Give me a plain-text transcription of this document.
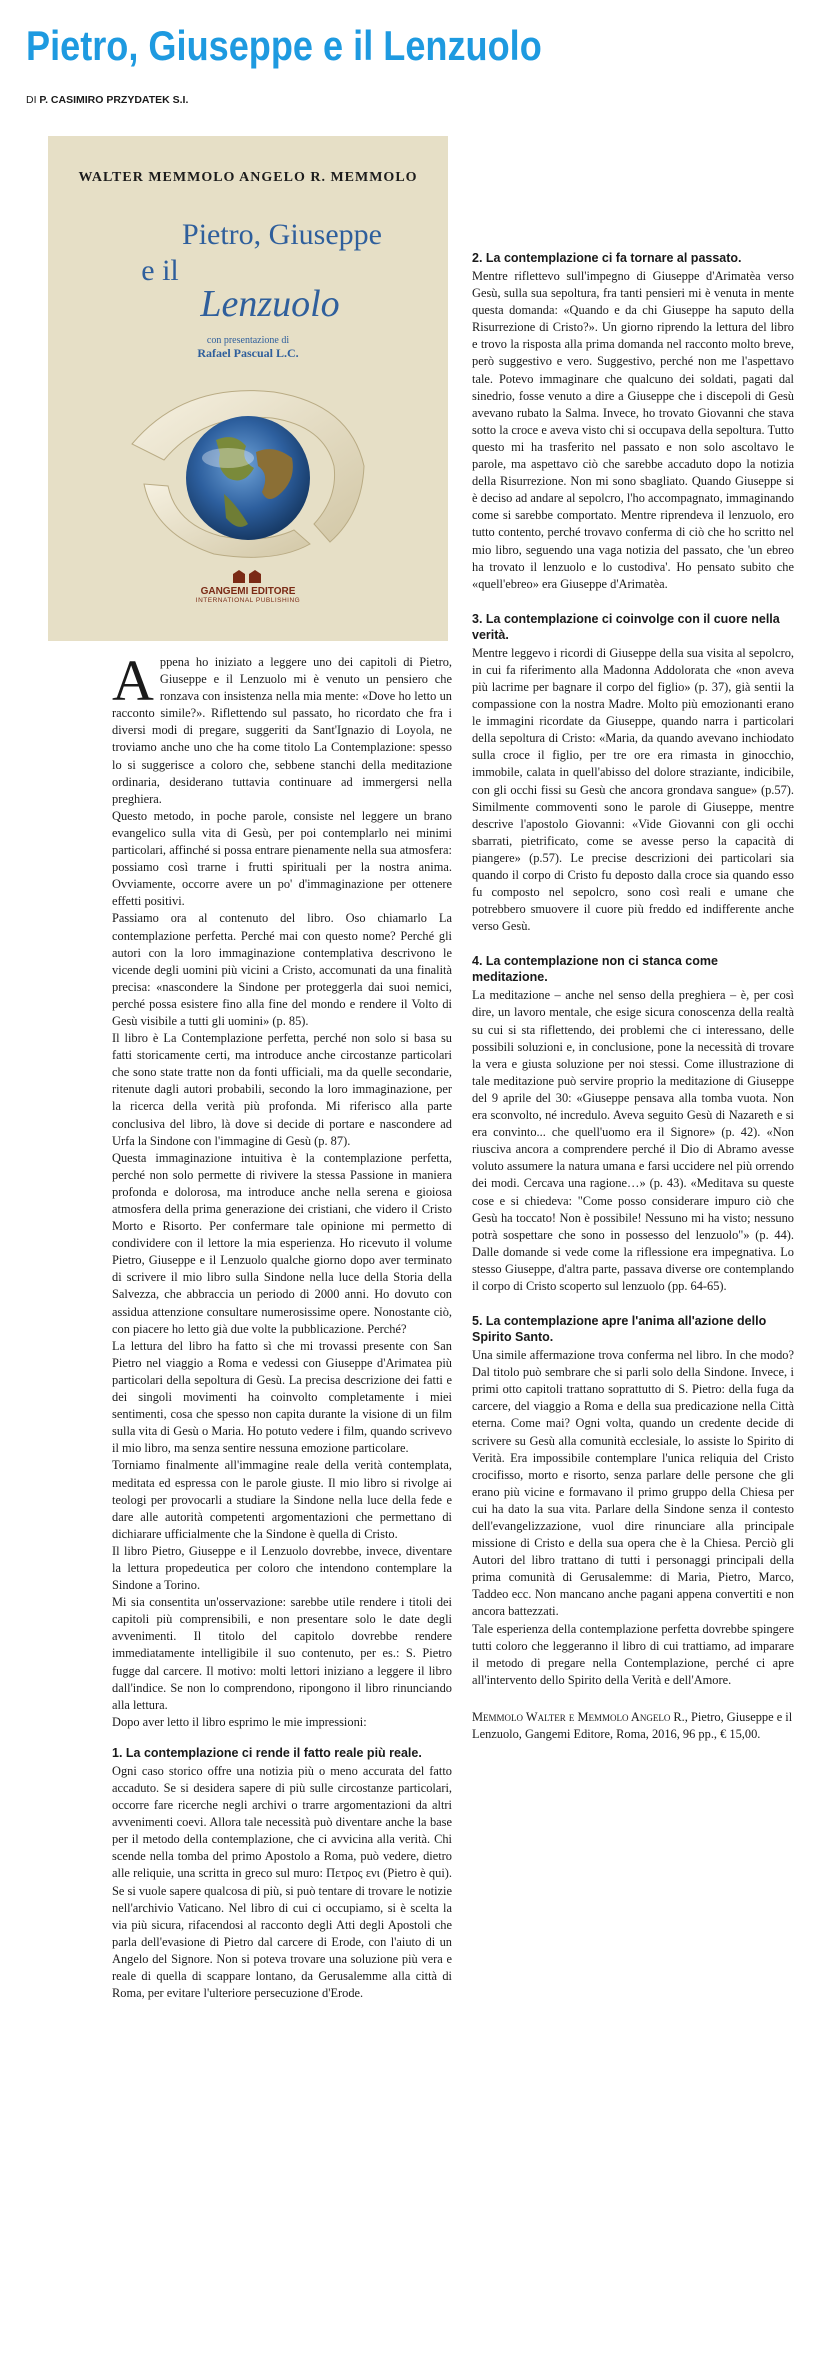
Pietro, Giuseppe e il Lenzuolo
DI P. CASIMIRO PRZYDATEK S.I.
WALTER MEMMOLO ANGELO R. MEMMOLO
Pietro, Giuseppe
e il
Lenzuolo
con presentazione di
Rafael Pascual L.C.
GANGEMI EDITORE
INTERNATIONAL PUBLISHING

Appena ho iniziato a leggere uno dei capitoli di Pietro, Giuseppe e il Lenzuolo mi è venuto un pensiero che ronzava con insistenza nella mia mente: «Dove ho letto un racconto simile?». Riflettendo sul passato, ho ricordato che fra i diversi modi di pregare, suggeriti da Sant'Ignazio di Loyola, ne troviamo anche uno che ha come titolo La Contemplazione: spesso lo si suggerisce a coloro che, sebbene stanchi della meditazione ordinaria, desiderano tuttavia continuare ad immergersi nella preghiera.

Questo metodo, in poche parole, consiste nel leggere un brano evangelico sulla vita di Gesù, per poi contemplarlo nei minimi particolari, affinché si possa entrare pienamente nella sua atmosfera: possiamo così trarne i frutti spirituali per la nostra anima. Ovviamente, occorre avere un po' d'immaginazione per ottenere effetti positivi.

Passiamo ora al contenuto del libro. Oso chiamarlo La contemplazione perfetta. Perché mai con questo nome? Perché gli autori con la loro immaginazione contemplativa descrivono le vicende degli uomini più vicini a Cristo, accomunati da una finalità precisa: «nascondere la Sindone per proteggerla dai suoi nemici, perché possa esistere fino alla fine del mondo e rendere il Volto di Gesù visibile a tutti gli uomini» (p. 85).

Il libro è La Contemplazione perfetta, perché non solo si basa su fatti storicamente certi, ma introduce anche circostanze particolari che sono state tratte non da fonti ufficiali, ma da quelle secondarie, ritenute dagli autori probabili, secondo la loro immaginazione, per la ricerca della verità più profonda. Mi riferisco alla parte conclusiva del libro, là dove si decide di portare e nascondere ad Urfa la Sindone con l'immagine di Gesù (p. 87).

Questa immaginazione intuitiva è la contemplazione perfetta, perché non solo permette di rivivere la stessa Passione in maniera profonda e dolorosa, ma introduce anche nella serena e gioiosa atmosfera della prima generazione dei cristiani, che videro il Cristo Morto e Risorto. Per confermare tale opinione mi permetto di condividere con il lettore la mia esperienza. Ho ricevuto il volume Pietro, Giuseppe e il Lenzuolo qualche giorno dopo aver terminato di scrivere il mio libro sulla Sindone nella luce della Storia della Salvezza, che abbraccia un periodo di 2000 anni. Ho dovuto con assidua attenzione consultare numerosissime opere. Nonostante ciò, con piacere ho letto già due volte la pubblicazione. Perché?

La lettura del libro ha fatto sì che mi trovassi presente con San Pietro nel viaggio a Roma e vedessi con Giuseppe d'Arimatea più particolari della sepoltura di Gesù. La precisa descrizione dei fatti e dei singoli movimenti ha coinvolto completamente i miei sentimenti, cosa che spesso non capita durante la visione di un film sulla vita di Gesù o Maria. Ho potuto vedere i film, quando scrivevo il mio libro, ma senza sentire nessuna emozione particolare.

Torniamo finalmente all'immagine reale della verità contemplata, meditata ed espressa con le parole giuste. Il mio libro si rivolge ai teologi per provocarli a studiare la Sindone nella luce della fede e dare alle autorità competenti argomentazioni che permettano di dichiarare ufficialmente che la Sindone è quella di Cristo.

Il libro Pietro, Giuseppe e il Lenzuolo dovrebbe, invece, diventare la lettura propedeutica per coloro che intendono contemplare la Sindone a Torino.

Mi sia consentita un'osservazione: sarebbe utile rendere i titoli dei capitoli più comprensibili, e non presentare solo le date degli avvenimenti. Il titolo del capitolo dovrebbe rendere immediatamente intelligibile il suo contenuto, per es.: S. Pietro fugge dal carcere. Il motivo: molti lettori iniziano a leggere il libro dall'indice. Se non lo comprendono, ripongono il libro rinunciando alla lettura.

Dopo aver letto il libro esprimo le mie impressioni:

1. La contemplazione ci rende il fatto reale più reale.

Ogni caso storico offre una notizia più o meno accurata del fatto accaduto. Se si desidera sapere di più sulle circostanze particolari, occorre fare ricerche negli archivi o trarre argomentazioni da altri avvenimenti coevi. Allora tale necessità può diventare anche la base per il metodo della contemplazione, che ci avvicina alla verità. Chi scende nella tomba del primo Apostolo a Roma, può vedere, dietro alle reliquie, una scritta in greco sul muro: Πετρος ενι (Pietro è qui). Se si vuole sapere qualcosa di più, si può tentare di trovare le notizie nell'archivio Vaticano. Nel libro di cui ci occupiamo, si è scelta la via più sicura, rifacendosi al racconto degli Atti degli Apostoli che parla dell'evasione di Pietro dal carcere di Erode, con l'aiuto di un Angelo del Signore. Non si poteva trovare una soluzione più vera e reale di quella di scappare lontano, da Gerusalemme alla città di Roma, per evitare l'ulteriore persecuzione d'Erode.

2. La contemplazione ci fa tornare al passato.

Mentre riflettevo sull'impegno di Giuseppe d'Arimatèa verso Gesù, sulla sua sepoltura, fra tanti pensieri mi è venuta in mente questa domanda: «Quando e da chi Giuseppe ha saputo della Risurrezione di Cristo?». Un giorno riprendo la lettura del libro e trovo la risposta alla prima domanda nel racconto molto breve, però suggestivo e vero. Suggestivo, perché non me l'aspettavo tale. Potevo immaginare che qualcuno dei soldati, pagati dal sinedrio, fosse venuto a dire a Giuseppe che i discepoli di Gesù avevano rubato la Salma. Invece, ho trovato Giovanni che stava sotto la croce e aveva visto chi si occupava della sepoltura. Tutto questo mi ha trasferito nel passato e non solo ascoltavo le parole, ma aspettavo ciò che sarebbe accaduto dopo la notizia della Risurrezione. Non mi sono sbagliato. Quando Giuseppe si è deciso ad andare al sepolcro, l'ho accompagnato, immaginando come si sarebbe comportato. Mentre riprendeva il lenzuolo, ero tutto contento, perché trovavo conferma di ciò che ho scritto nel mio libro, seguendo una vaga notizia del passato, che 'un ebreo ha trovato il lenzuolo e lo custodiva'. Ho pensato subito che «quell'ebreo» era Giuseppe d'Arimatèa.

3. La contemplazione ci coinvolge con il cuore nella verità.

Mentre leggevo i ricordi di Giuseppe della sua visita al sepolcro, in cui fa riferimento alla Madonna Addolorata che «non aveva più lacrime per bagnare il corpo del figlio» (p. 37), già sentii la compassione con la nostra Madre. Molto più emozionanti erano le immagini ricordate da Giuseppe, quando narra i particolari della sepoltura di Cristo: «Maria, da quando avevano inchiodato sulla croce il figlio, per tre ore era rimasta in ginocchio, immobile, calata in quell'abisso del dolore straziante, indicibile, con gli occhi fissi su Gesù che ancora grondava sangue» (p.57). Similmente commoventi sono le parole di Giuseppe, mentre descrive l'apostolo Giovanni: «Vide Giovanni con gli occhi sbarrati, pietrificato, come se avesse perso la capacità di piangere» (p.57). Le precise descrizioni dei particolari sia quando il corpo di Cristo fu deposto dalla croce sia quando esso fu composto nel sepolcro, sono così reali e umane che potrebbero smuovere il cuore più freddo ed indifferente anche verso Gesù.

4. La contemplazione non ci stanca come meditazione.

La meditazione – anche nel senso della preghiera – è, per così dire, un lavoro mentale, che esige sicura conoscenza della realtà su cui si sta riflettendo, dei problemi che ci interessano, delle possibili soluzioni e, in conclusione, pone la necessità di trovare la vera e giusta soluzione per noi stessi. Come illustrazione di tale meditazione può servire proprio la meditazione di Giuseppe del 9 aprile del 30: «Giuseppe pensava alla tomba vuota. Non era sconvolto, né incredulo. Aveva seguito Gesù di Nazareth e si era convinto... che quell'uomo era il Signore» (p. 42). «Non riusciva ancora a comprendere perché il Dio di Abramo avesse voluto assumere la natura umana e farsi uccidere nel più orrendo dei modi. Cercava una ragione…» (p. 43). «Meditava su queste cose e si chiedeva: "Come posso considerare impuro ciò che Gesù ha toccato! Non è possibile! Nessuno mi ha visto; nessuno potrà sospettare che sono in possesso del lenzuolo"» (p. 44). Dalle domande si vede come la riflessione era impegnativa. Lo stesso Giuseppe, d'altra parte, passava diverse ore contemplando il corpo di Cristo scoperto sul lenzuolo (pp. 64-65).

5. La contemplazione apre l'anima all'azione dello Spirito Santo.

Una simile affermazione trova conferma nel libro. In che modo? Dal titolo può sembrare che si parli solo della Sindone. Invece, i primi otto capitoli trattano soprattutto di S. Pietro: della fuga da carcere, del viaggio a Roma e della sua predicazione nella Città eterna. Come mai? Ogni volta, quando un credente decide di scrivere su Gesù alla comunità ecclesiale, lo assiste lo Spirito di Verità. Era impossibile contemplare l'unica reliquia del Cristo crocifisso, morto e risorto, senza parlare delle persone che gli erano più vicine e formavano il primo gruppo della Chiesa per cui ha dato la sua vita. Parlare della Sindone senza il contesto dell'evangelizzazione, vuol dire rinunciare alla principale missione di Cristo e della sua opera che è la Chiesa. Perciò gli Autori del libro trattano di tutti i personaggi principali della prima comunità di Gerusalemme: di Maria, Pietro, Marco, Taddeo ecc. Non mancano anche pagani appena convertiti e non ancora battezzati.

Tale esperienza della contemplazione perfetta dovrebbe spingere tutti coloro che leggeranno il libro di cui trattiamo, ad imparare il metodo di pregare nella Contemplazione, perché ci apre all'intervento dello Spirito della Verità e dell'Amore.

Memmolo Walter e Memmolo Angelo R., Pietro, Giuseppe e il Lenzuolo, Gangemi Editore, Roma, 2016, 96 pp., € 15,00.
